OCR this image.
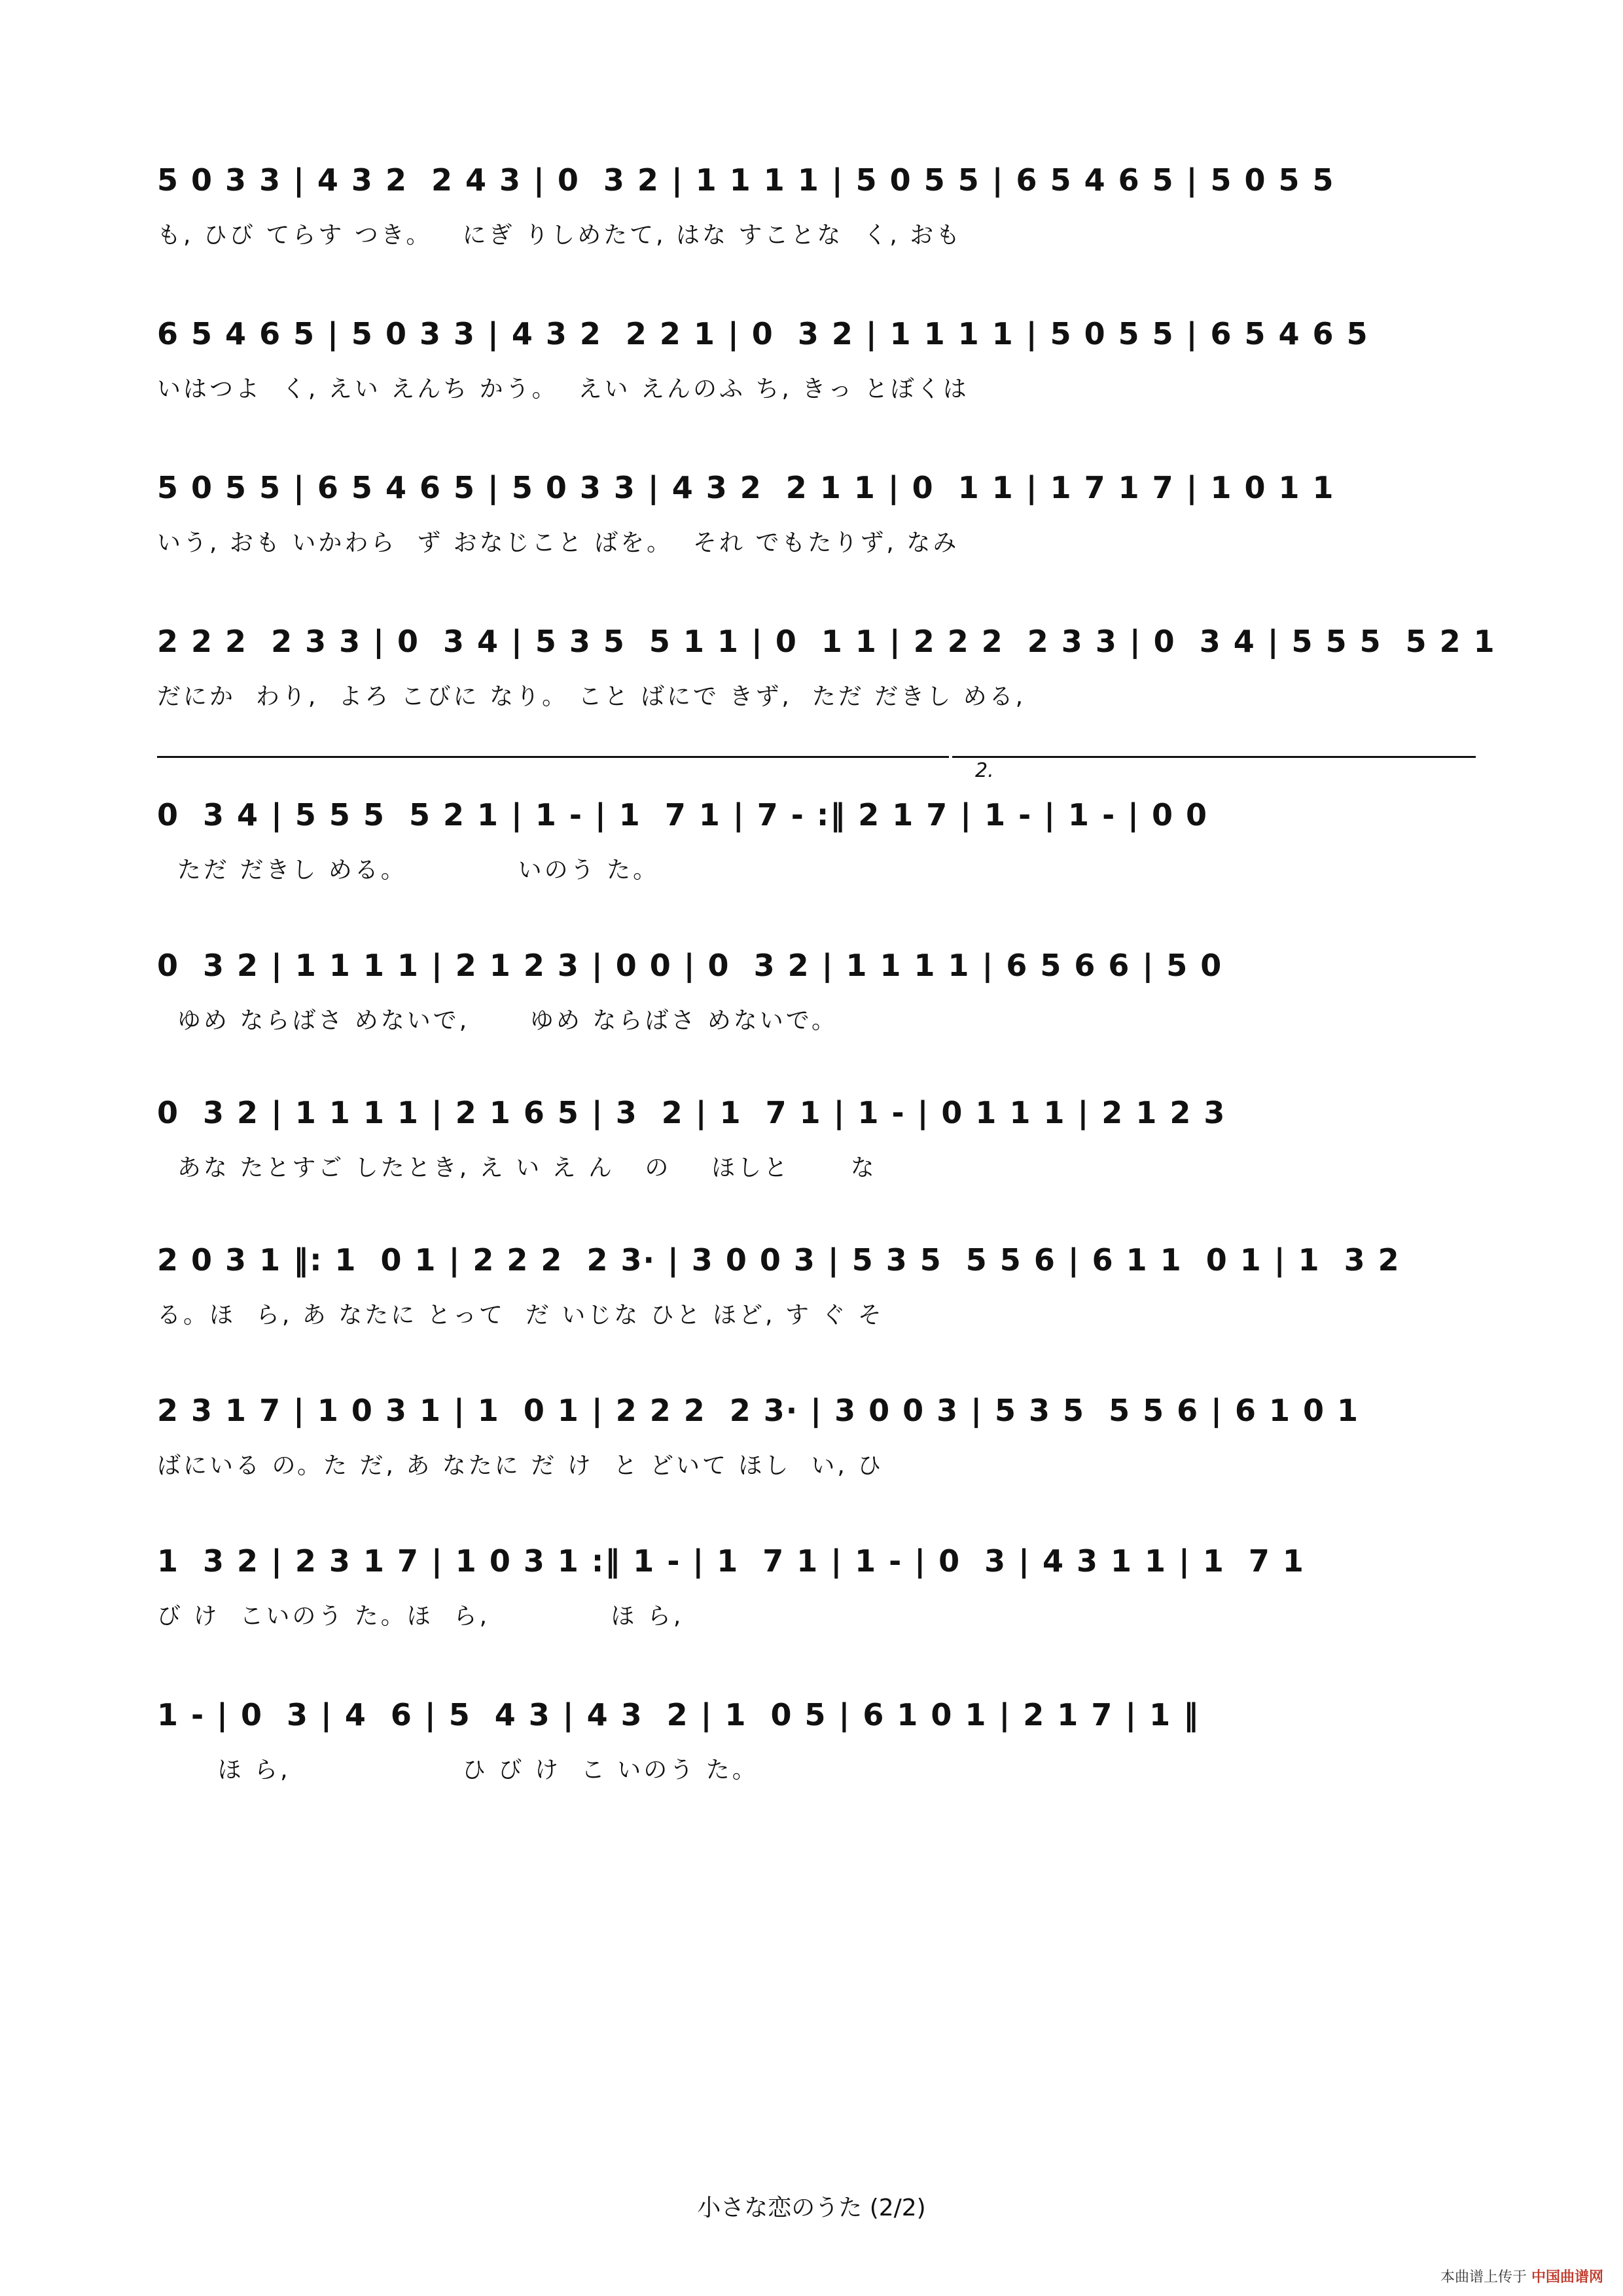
5 0 3 3 | 4 3 2  2 4 3 | 0  3 2 | 1 1 1 1 | 5 0 5 5 | 6 5 4 6 5 | 5 0 5 5
も, ひび てらす つき。   にぎ りしめたて, はな すことな  く, おも
6 5 4 6 5 | 5 0 3 3 | 4 3 2  2 2 1 | 0  3 2 | 1 1 1 1 | 5 0 5 5 | 6 5 4 6 5
いはつよ  く, えい えんち かう。  えい えんのふ ち, きっ とぼくは
5 0 5 5 | 6 5 4 6 5 | 5 0 3 3 | 4 3 2  2 1 1 | 0  1 1 | 1 7 1 7 | 1 0 1 1
いう, おも いかわら  ず おなじこと ばを。  それ でもたりず, なみ
2 2 2  2 3 3 | 0  3 4 | 5 3 5  5 1 1 | 0  1 1 | 2 2 2  2 3 3 | 0  3 4 | 5 5 5  5 2 1
だにか  わり,  よろ こびに なり。 こと ばにで きず,  ただ だきし める,
2.
0  3 4 | 5 5 5  5 2 1 | 1 - | 1  7 1 | 7 - :‖ 2 1 7 | 1 - | 1 - | 0 0
ただ だきし める。           いのう た。
0  3 2 | 1 1 1 1 | 2 1 2 3 | 0 0 | 0  3 2 | 1 1 1 1 | 6 5 6 6 | 5 0
ゆめ ならばさ めないで,      ゆめ ならばさ めないで。
0  3 2 | 1 1 1 1 | 2 1 6 5 | 3  2 | 1  7 1 | 1 - | 0 1 1 1 | 2 1 2 3
あな たとすご したとき, え い え ん   の    ほしと      な
2 0 3 1 ‖: 1  0 1 | 2 2 2  2 3· | 3 0 0 3 | 5 3 5  5 5 6 | 6 1 1  0 1 | 1  3 2
る。ほ  ら, あ なたに とって  だ いじな ひと ほど, す ぐ そ
2 3 1 7 | 1 0 3 1 | 1  0 1 | 2 2 2  2 3· | 3 0 0 3 | 5 3 5  5 5 6 | 6 1 0 1
ばにいる の。た だ, あ なたに だ け  と どいて ほし  い, ひ
1  3 2 | 2 3 1 7 | 1 0 3 1 :‖ 1 - | 1  7 1 | 1 - | 0  3 | 4 3 1 1 | 1  7 1
び け  こいのう た。ほ  ら,            ほ ら,
1 - | 0  3 | 4  6 | 5  4 3 | 4 3  2 | 1  0 5 | 6 1 0 1 | 2 1 7 | 1 ‖
ほ ら,                 ひ び け  こ いのう た。
小さな恋のうた (2/2)
本曲谱上传于 中国曲谱网
